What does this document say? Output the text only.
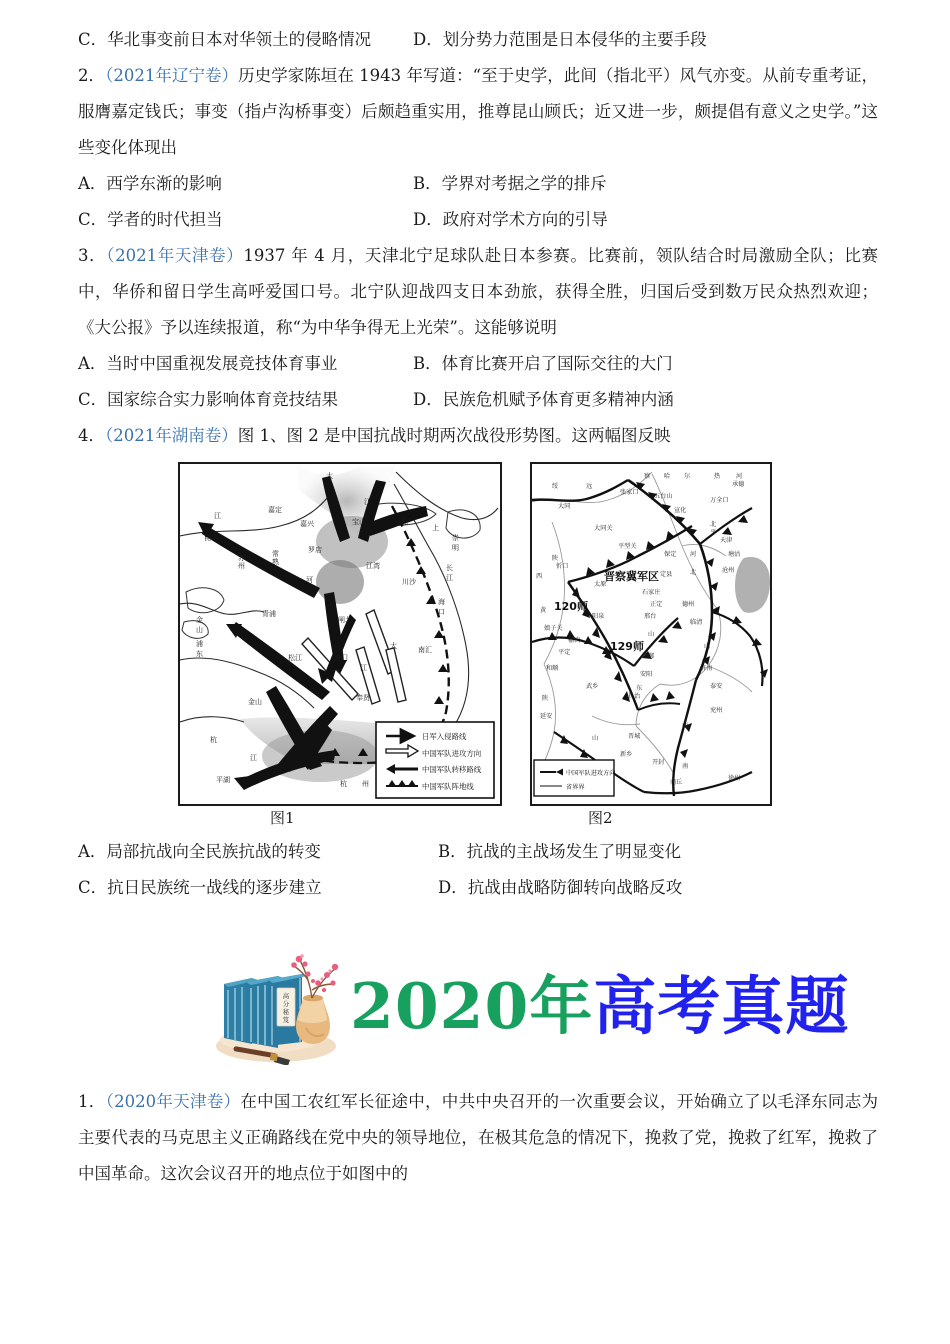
C．华北事变前日本对华领土的侵略情况	D．划分势力范围是日本侵华的主要手段
2．（2021年辽宁卷）历史学家陈垣在 1943 年写道：“至于史学，此间（指北平）风气亦变。从前专重考证，服膺嘉定钱氏；事变（指卢沟桥事变）后颇趋重实用，推尊昆山顾氏；近又进一步，颇提倡有意义之史学。”这些变化体现出
A．西学东渐的影响	B．学界对考据之学的排斥
C．学者的时代担当	D．政府对学术方向的引导
3．（2021年天津卷）1937 年 4 月，天津北宁足球队赴日本参赛。比赛前，领队结合时局激励全队；比赛中，华侨和留日学生高呼爱国口号。北宁队迎战四支日本劲旅，获得全胜，归国后受到数万民众热烈欢迎；《大公报》予以连续报道，称“为中华争得无上光荣”。这能够说明
A．当时中国重视发展竞技体育事业	B．体育比赛开启了国际交往的大门
C．国家综合实力影响体育竞技结果	D．民族危机赋予体育更多精神内涵
4．（2021年湖南卷）图 1、图 2 是中国抗战时期两次战役形势图。这两幅图反映
江
嘉定
太
江
昆山
苏
州
常
熟
罗店
嘉兴	宝山	吴淞
江湾
河	川沙
长
江
崇
明
上
海
口
青浦
闸北
金
山
浦
东	松江	浦门
江
太	南汇
金山	奉贤
杭
江
平湖	杭 州
日军入侵路线
中国军队进攻方向
中国军队转移路线
中国军队阵地线
晋察冀军区
120师
129师
绥	远
察 哈 尔	热	河
张家口
大同
五台山
宣化
万全口
承德
大同关
北
平
平型关
天津
塘沽
陕
西
忻口
保定 河
沧州
定县	北
太原
石家庄
正定	德州
黄
娘子关
阳泉	邢台
临清
榆次
山
平定
邯郸
山
和顺
安阳
济南
武乡	东	泰安
陕
延安
长治
兖州
西
山	晋城
新乡
开封
南
商丘
徐州
中国军队进攻方向
省界界
图1	图2
A．局部抗战向全民族抗战的转变	B．抗战的主战场发生了明显变化
C．抗日民族统一战线的逐步建立	D．抗战由战略防御转向战略反攻
高
分
秘
笈 2020年高考真题
1．（2020年天津卷）在中国工农红军长征途中，中共中央召开的一次重要会议，开始确立了以毛泽东同志为主要代表的马克思主义正确路线在党中央的领导地位，在极其危急的情况下，挽救了党，挽救了红军，挽救了中国革命。这次会议召开的地点位于如图中的
